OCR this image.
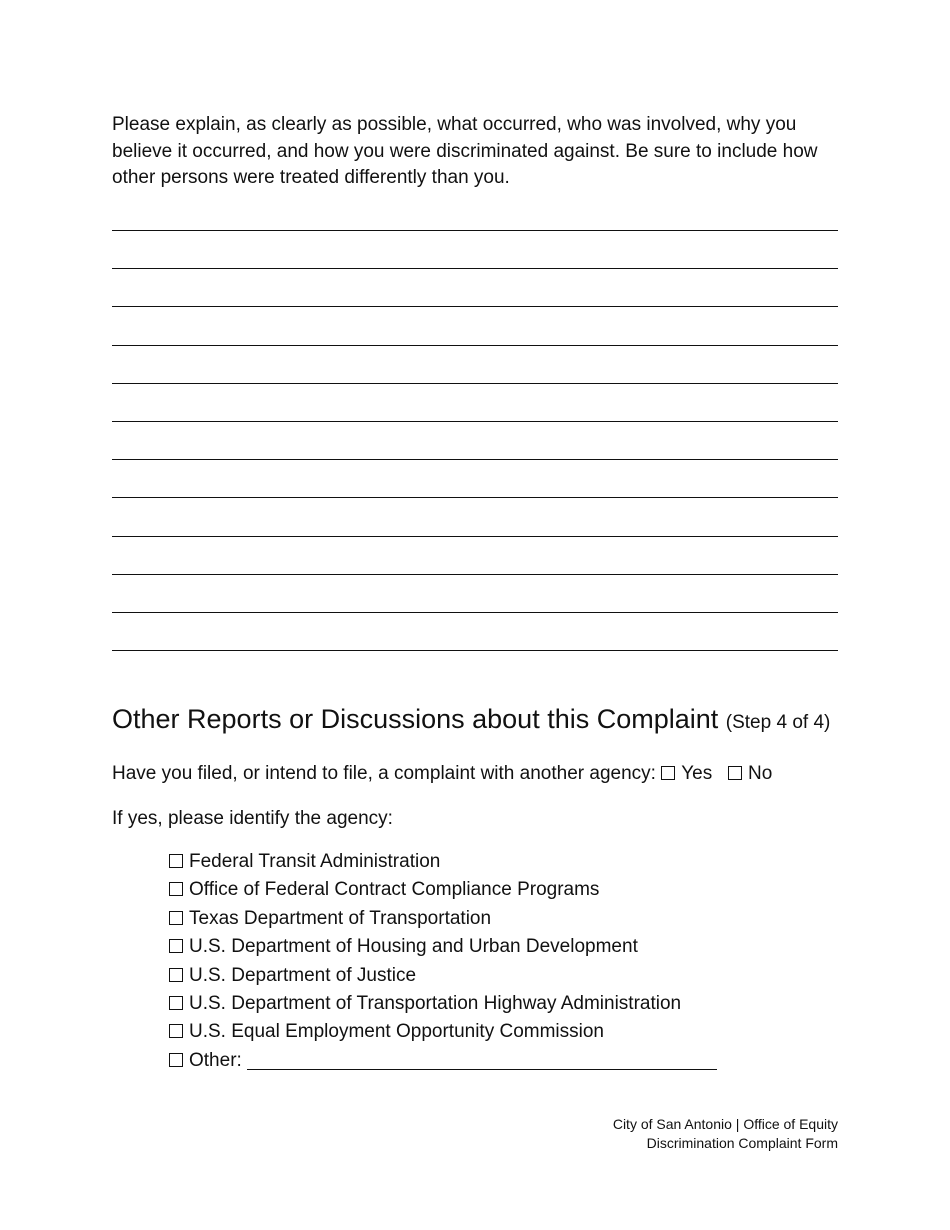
Please explain, as clearly as possible, what occurred, who was involved, why you believe it occurred, and how you were discriminated against. Be sure to include how other persons were treated differently than you.

Other Reports or Discussions about this Complaint (Step 4 of 4)

Have you filed, or intend to file, a complaint with another agency: Yes No

If yes, please identify the agency:

Federal Transit Administration
Office of Federal Contract Compliance Programs
Texas Department of Transportation
U.S. Department of Housing and Urban Development
U.S. Department of Justice
U.S. Department of Transportation Highway Administration
U.S. Equal Employment Opportunity Commission
Other:
City of San Antonio | Office of Equity
Discrimination Complaint Form
